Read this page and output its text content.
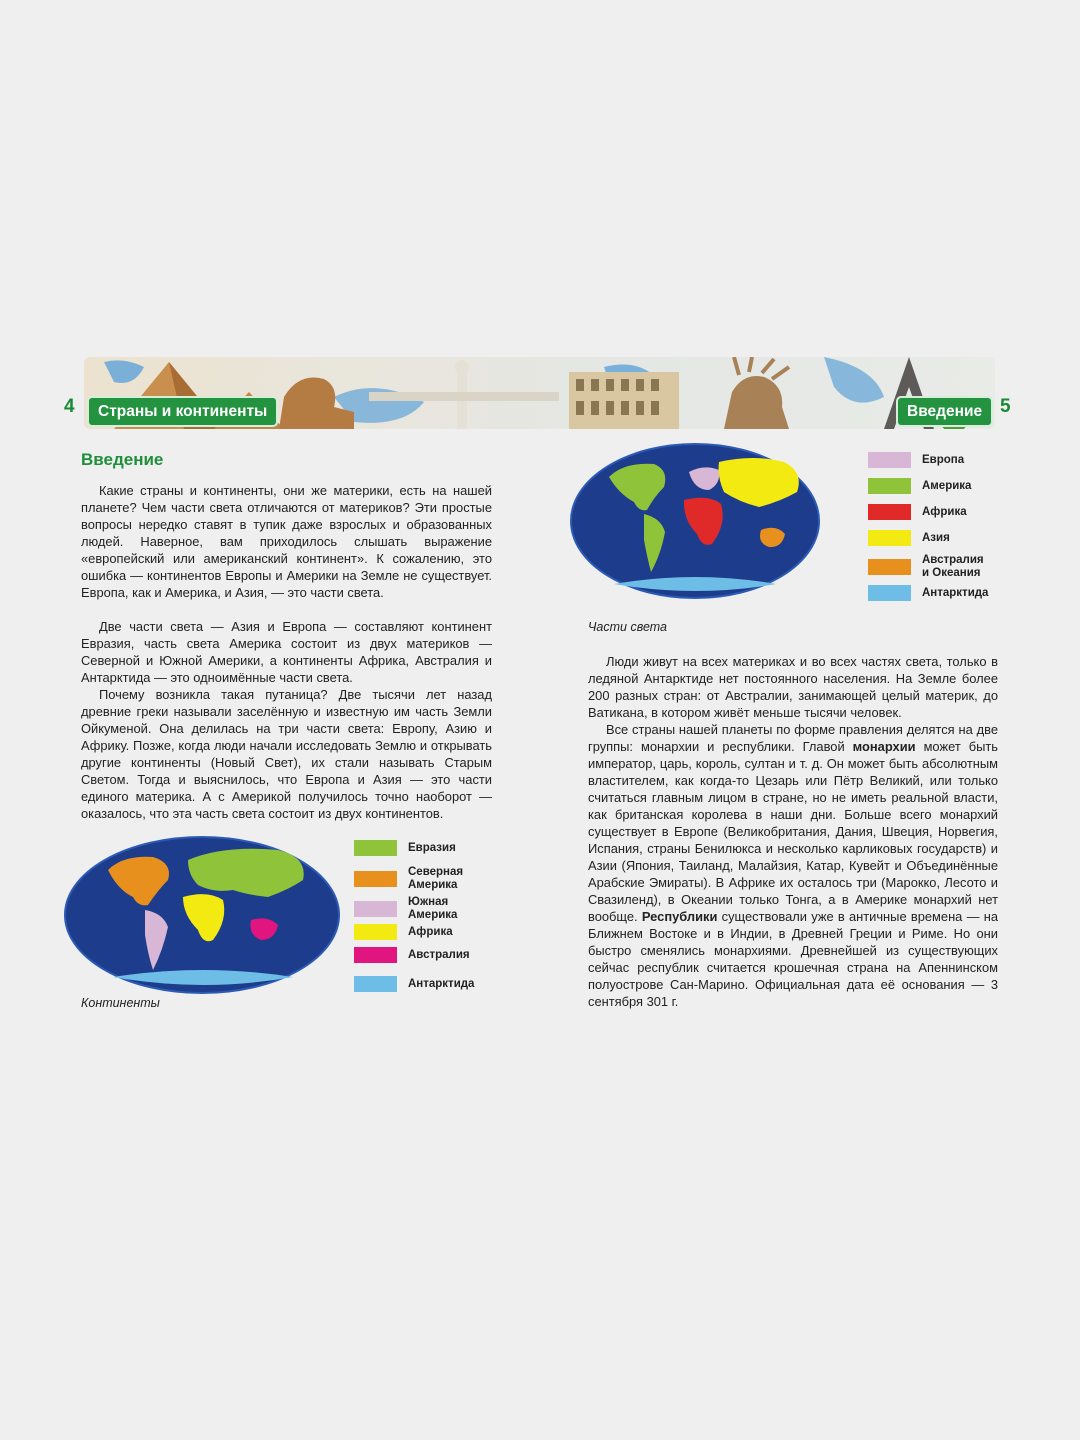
4	Страны и континенты	Введение 5
Введение

Какие страны и континенты, они же материки, есть на нашей планете? Чем части света отличаются от материков? Эти простые вопросы нередко ставят в тупик даже взрослых и образованных людей. Наверное, вам приходилось слышать выражение «европейский или американский континент». К сожалению, это ошибка — континентов Европы и Америки на Земле не существует. Европа, как и Америка, и Азия, — это части света.

Две части света — Азия и Европа — составляют континент Евразия, часть света Америка состоит из двух материков — Северной и Южной Америки, а континенты Африка, Австралия и Антарктида — это одноимённые части света.

Почему возникла такая путаница? Две тысячи лет назад древние греки называли заселённую и известную им часть Земли Ойкуменой. Она делилась на три части света: Европу, Азию и Африку. Позже, когда люди начали исследовать Землю и открывать другие континенты (Новый Свет), их стали называть Старым Светом. Тогда и выяснилось, что Европа и Азия — это части единого материка. А с Америкой получилось точно наоборот — оказалось, что эта часть света состоит из двух континентов.

Евразия
Северная
Америка
Южная
Америка
Африка
Австралия
Антарктида
Континенты
Европа
Америка
Африка
Азия
Австралия
и Океания
Антарктида
Части света

Люди живут на всех материках и во всех частях света, только в ледяной Антарктиде нет постоянного населения. На Земле более 200 разных стран: от Австралии, занимающей целый материк, до Ватикана, в котором живёт меньше тысячи человек.

Все страны нашей планеты по форме правления делятся на две группы: монархии и республики. Главой монархии может быть император, царь, король, султан и т. д. Он может быть абсолютным властителем, как когда-то Цезарь или Пётр Великий, или только считаться главным лицом в стране, но не иметь реальной власти, как британская королева в наши дни. Больше всего монархий существует в Европе (Великобритания, Дания, Швеция, Норвегия, Испания, страны Бенилюкса и несколько карликовых государств) и Азии (Япония, Таиланд, Малайзия, Катар, Кувейт и Объединённые Арабские Эмираты). В Африке их осталось три (Марокко, Лесото и Свазиленд), в Океании только Тонга, а в Америке монархий нет вообще. Республики существовали уже в античные времена — на Ближнем Востоке и в Индии, в Древней Греции и Риме. Но они быстро сменялись монархиями. Древнейшей из существующих сейчас республик считается крошечная страна на Апеннинском полуострове Сан-Марино. Официальная дата её основания — 3 сентября 301 г.
